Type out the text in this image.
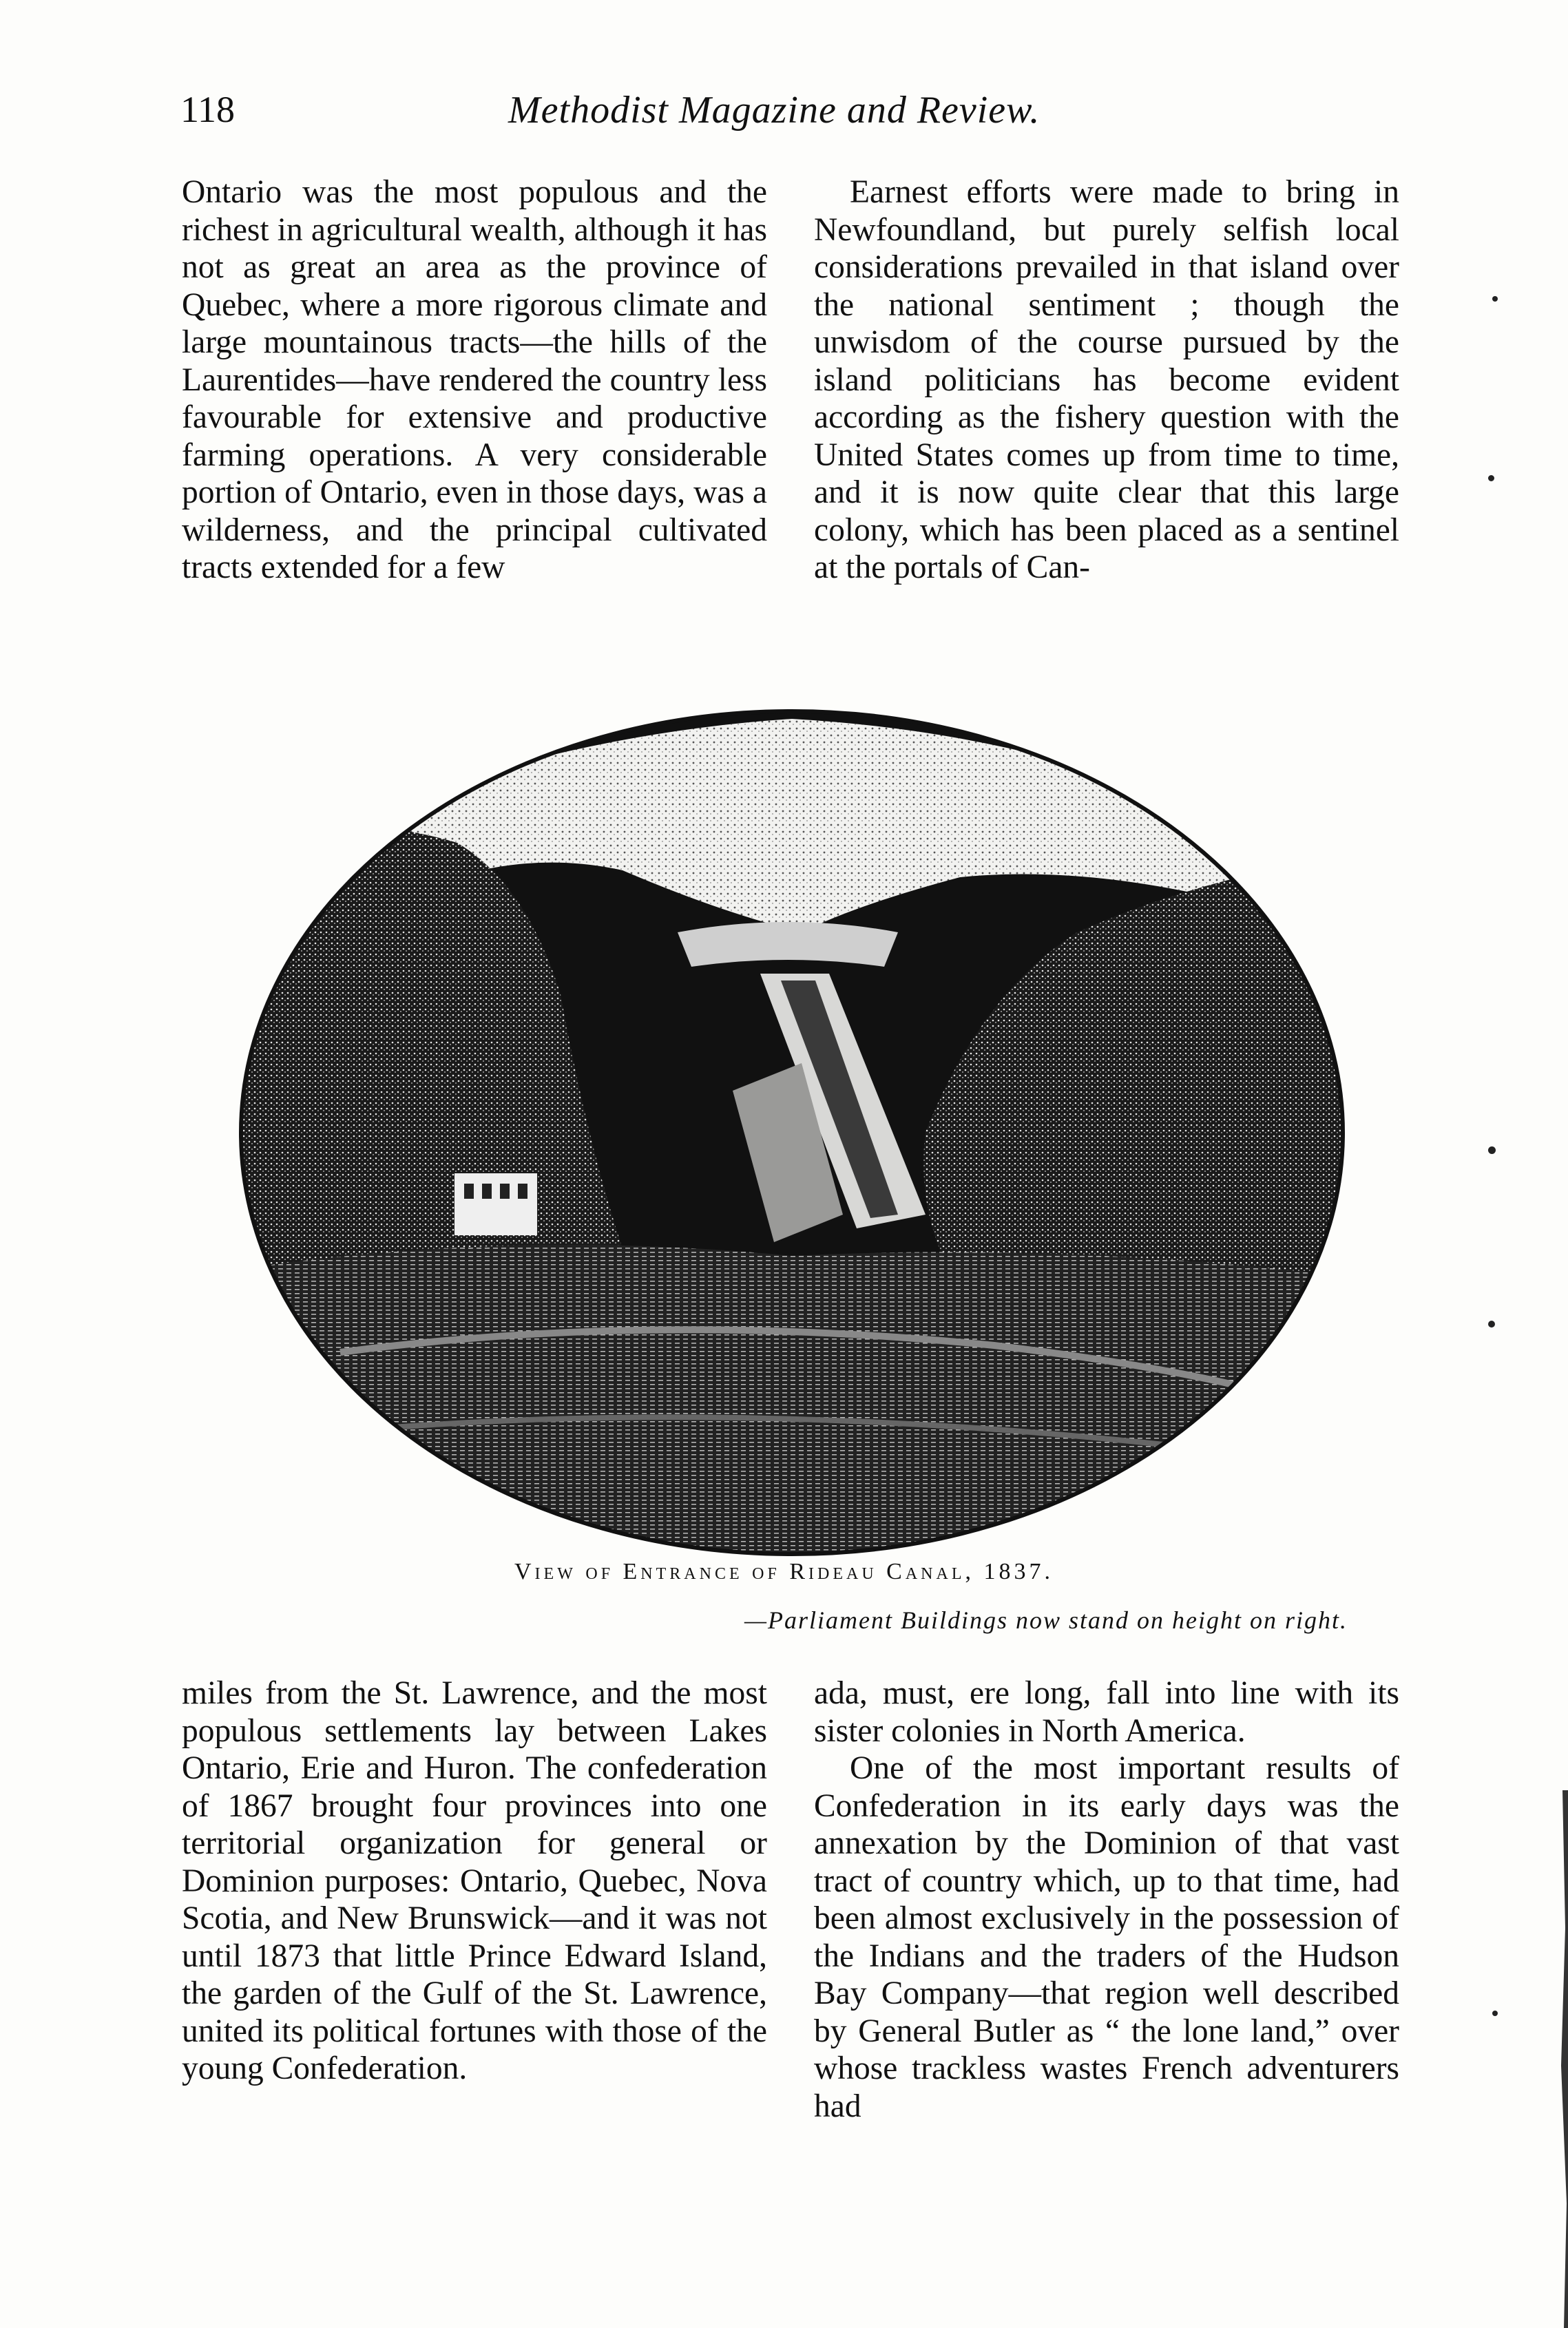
118	Methodist Magazine and Review.

Ontario was the most populous and the richest in agricultural wealth, although it has not as great an area as the province of Quebec, where a more rigorous climate and large mountainous tracts—the hills of the Laurentides—have rendered the country less favourable for extensive and productive farming operations. A very considerable portion of Ontario, even in those days, was a wilderness, and the principal cultivated tracts extended for a few

Earnest efforts were made to bring in Newfoundland, but purely selfish local considerations prevailed in that island over the national sentiment ; though the unwisdom of the course pursued by the island politicians has become evident according as the fishery question with the United States comes up from time to time, and it is now quite clear that this large colony, which has been placed as a sentinel at the portals of Can-

View of Entrance of Rideau Canal, 1837.
—Parliament Buildings now stand on height on right.

miles from the St. Lawrence, and the most populous settlements lay between Lakes Ontario, Erie and Huron. The confederation of 1867 brought four provinces into one territorial organization for general or Dominion purposes: Ontario, Quebec, Nova Scotia, and New Brunswick—and it was not until 1873 that little Prince Edward Island, the garden of the Gulf of the St. Lawrence, united its political fortunes with those of the young Confederation.

ada, must, ere long, fall into line with its sister colonies in North America.

One of the most important results of Confederation in its early days was the annexation by the Dominion of that vast tract of country which, up to that time, had been almost exclusively in the possession of the Indians and the traders of the Hudson Bay Company—that region well described by General Butler as “ the lone land,” over whose trackless wastes French adventurers had
